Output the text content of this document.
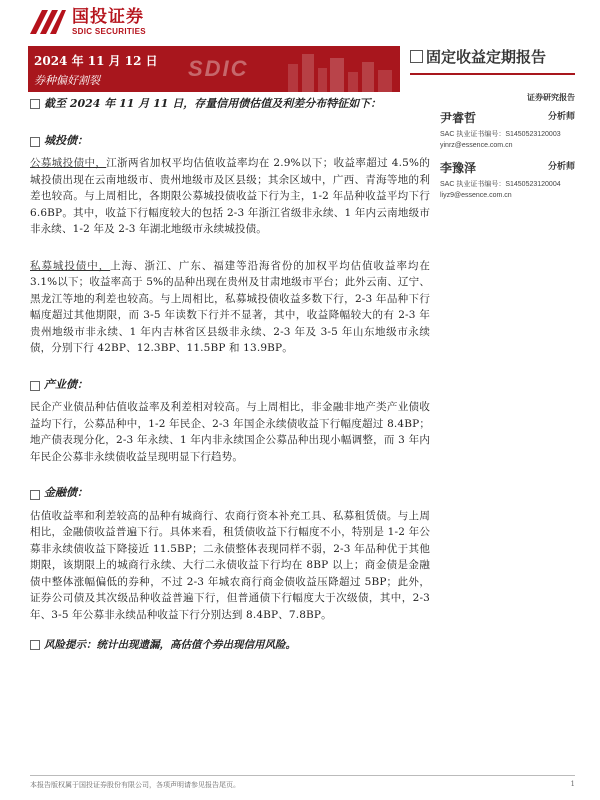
国投证券
SDIC SECURITIES
SDIC
2024 年 11 月 12 日
券种偏好割裂
固定收益定期报告
证券研究报告
尹睿哲	分析师
SAC 执业证书编号：S1450523120003
yinrz@essence.com.cn
李豫泽	分析师
SAC 执业证书编号：S1450523120004
liyz9@essence.com.cn
截至 2024 年 11 月 11 日，存量信用债估值及利差分布特征如下：
城投债：

公募城投债中，江浙两省加权平均估值收益率均在 2.9%以下；收益率超过 4.5%的城投债出现在云南地级市、贵州地级市及区县级；其余区域中，广西、青海等地的利差也较高。与上周相比，各期限公募城投债收益下行为主，1-2 年品种收益平均下行 6.6BP。其中，收益下行幅度较大的包括 2-3 年浙江省级非永续、1 年内云南地级市非永续、1-2 年及 2-3 年湖北地级市永续城投债。

私募城投债中，上海、浙江、广东、福建等沿海省份的加权平均估值收益率均在 3.1%以下；收益率高于 5%的品种出现在贵州及甘肃地级市平台；此外云南、辽宁、黑龙江等地的利差也较高。与上周相比，私募城投债收益多数下行，2-3 年品种下行幅度超过其他期限，而 3-5 年读数下行并不显著，其中，收益降幅较大的有 2-3 年贵州地级市非永续、1 年内吉林省区县级非永续、2-3 年及 3-5 年山东地级市永续债，分别下行 42BP、12.3BP、11.5BP 和 13.9BP。

产业债：

民企产业债品种估值收益率及利差相对较高。与上周相比，非金融非地产类产业债收益均下行，公募品种中，1-2 年民企、2-3 年国企永续债收益下行幅度超过 8.4BP；地产债表现分化，2-3 年永续、1 年内非永续国企公募品种出现小幅调整，而 3 年内年民企公募非永续债收益呈现明显下行趋势。

金融债：

估值收益率和利差较高的品种有城商行、农商行资本补充工具、私募租赁债。与上周相比，金融债收益普遍下行。具体来看，租赁债收益下行幅度不小，特别是 1-2 年公募非永续债收益下降接近 11.5BP；二永债整体表现同样不弱，2-3 年品种优于其他期限，该期限上的城商行永续、大行二永债收益下行均在 8BP 以上；商金债是金融债中整体涨幅偏低的券种，不过 2-3 年城农商行商金债收益压降超过 5BP；此外，证券公司债及其次级品种收益普遍下行，但普通债下行幅度大于次级债，其中，2-3 年、3-5 年公募非永续品种收益下行分别达到 8.4BP、7.8BP。

风险提示：统计出现遗漏，高估值个券出现信用风险。
本报告版权属于国投证券股份有限公司，各项声明请参见报告尾页。	1
